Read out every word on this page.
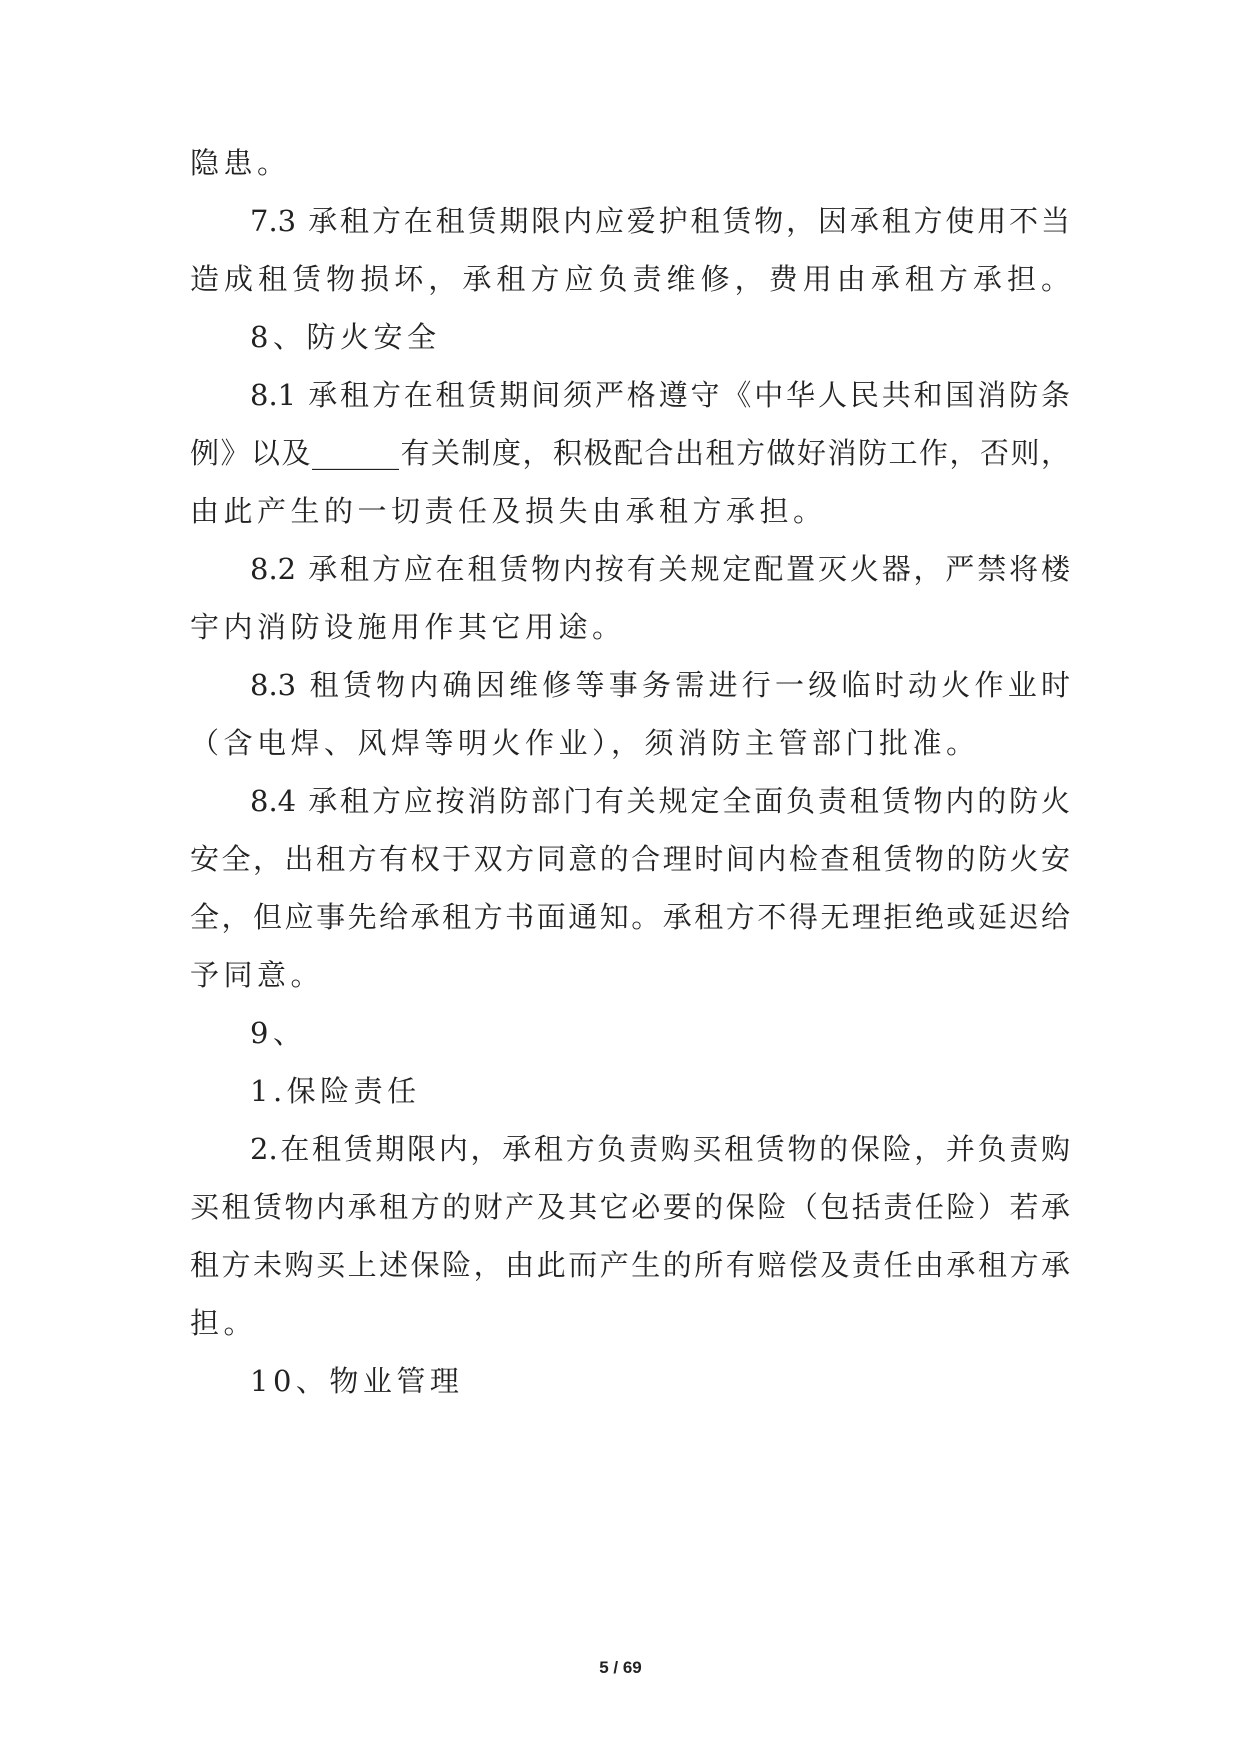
隐患。
7.3 承租方在租赁期限内应爱护租赁物，因承租方使用不当
造成租赁物损坏，承租方应负责维修，费用由承租方承担。
8、防火安全
8.1 承租方在租赁期间须严格遵守《中华人民共和国消防条
例》以及______有关制度，积极配合出租方做好消防工作，否则，
由此产生的一切责任及损失由承租方承担。
8.2 承租方应在租赁物内按有关规定配置灭火器，严禁将楼
宇内消防设施用作其它用途。
8.3 租赁物内确因维修等事务需进行一级临时动火作业时
（含电焊、风焊等明火作业），须消防主管部门批准。
8.4 承租方应按消防部门有关规定全面负责租赁物内的防火
安全，出租方有权于双方同意的合理时间内检查租赁物的防火安
全，但应事先给承租方书面通知。承租方不得无理拒绝或延迟给
予同意。
9、
1.保险责任
2.在租赁期限内，承租方负责购买租赁物的保险，并负责购
买租赁物内承租方的财产及其它必要的保险（包括责任险）若承
租方未购买上述保险，由此而产生的所有赔偿及责任由承租方承
担。
10、物业管理
5 / 69
